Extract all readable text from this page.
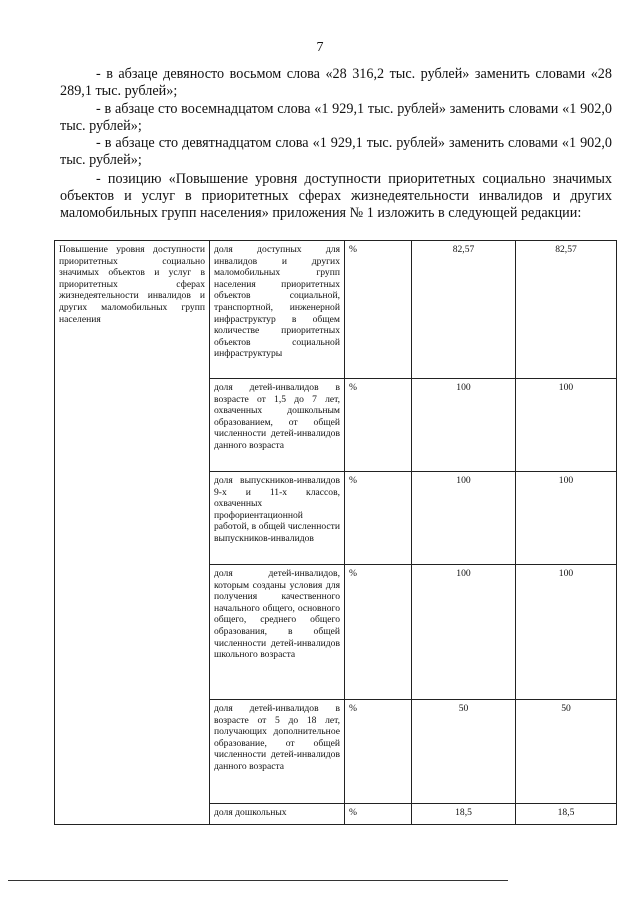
7

- в абзаце девяносто восьмом слова «28 316,2 тыс. рублей» заменить словами «28 289,1 тыс. рублей»;

- в абзаце сто восемнадцатом слова «1 929,1 тыс. рублей» заменить словами «1 902,0 тыс. рублей»;

- в абзаце сто девятнадцатом слова «1 929,1 тыс. рублей» заменить словами «1 902,0 тыс. рублей»;

- позицию «Повышение уровня доступности приоритетных социально значимых объектов и услуг в приоритетных сферах жизнедеятельности инвалидов и других маломобильных групп населения» приложения № 1 изложить в следующей редакции:

Повышение уровня доступности приоритетных социально значимых объектов и услуг в приоритетных сферах жизнедеятельности инвалидов и других маломобильных групп населения	доля доступных для инвалидов и других маломобильных групп населения приоритетных объектов социальной, транспортной, инженерной инфраструктур в общем количестве приоритетных объектов социальной инфраструктуры	%	82,57	82,57

	доля детей-инвалидов в возрасте от 1,5 до 7 лет, охваченных дошкольным образованием, от общей численности детей-инвалидов данного возраста	%	100	100

	доля выпускников-инвалидов 9-х и 11-х классов, охваченных профориентационной работой, в общей численности выпускников-инвалидов	%	100	100

	доля детей-инвалидов, которым созданы условия для получения качественного начального общего, основного общего, среднего общего образования, в общей численности детей-инвалидов школьного возраста	%	100	100

	доля детей-инвалидов в возрасте от 5 до 18 лет, получающих дополнительное образование, от общей численности детей-инвалидов данного возраста	%	50	50

	доля дошкольных	%	18,5	18,5
